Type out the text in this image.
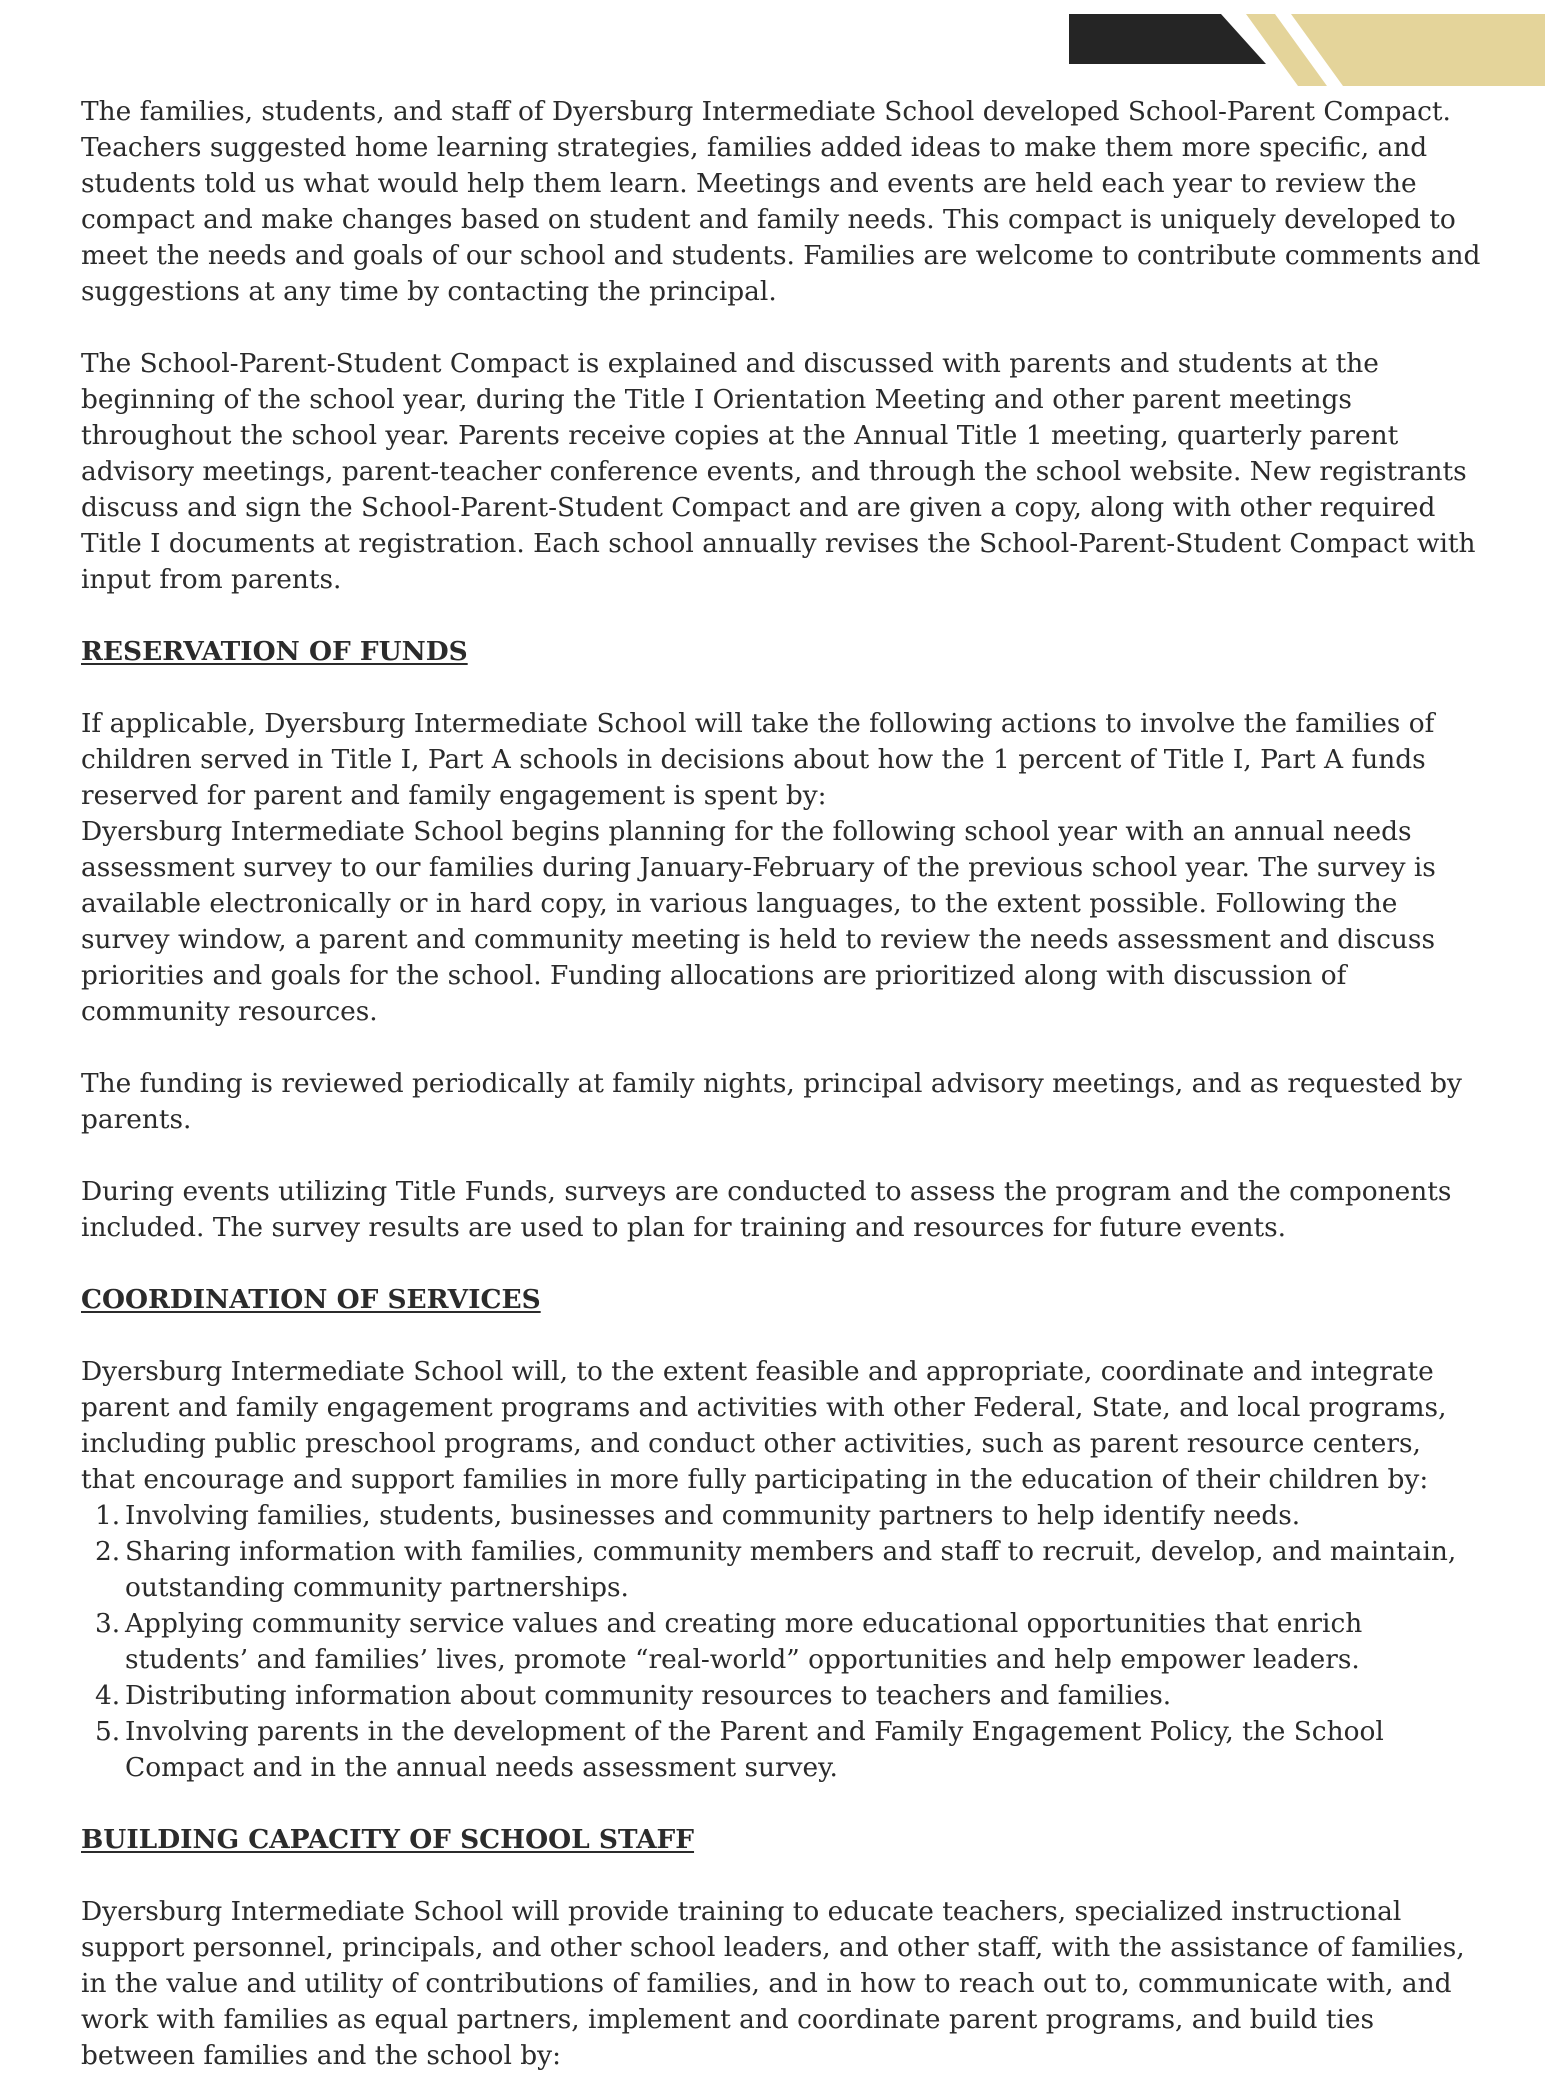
The families, students, and staff of Dyersburg Intermediate School developed School-Parent Compact. Teachers suggested home learning strategies, families added ideas to make them more specific, and students told us what would help them learn. Meetings and events are held each year to review the compact and make changes based on student and family needs. This compact is uniquely developed to meet the needs and goals of our school and students. Families are welcome to contribute comments and suggestions at any time by contacting the principal.

The School-Parent-Student Compact is explained and discussed with parents and students at the beginning of the school year, during the Title I Orientation Meeting and other parent meetings throughout the school year. Parents receive copies at the Annual Title 1 meeting, quarterly parent advisory meetings, parent-teacher conference events, and through the school website. New registrants discuss and sign the School-Parent-Student Compact and are given a copy, along with other required Title I documents at registration. Each school annually revises the School-Parent-Student Compact with input from parents.

RESERVATION OF FUNDS

If applicable, Dyersburg Intermediate School will take the following actions to involve the families of children served in Title I, Part A schools in decisions about how the 1 percent of Title I, Part A funds reserved for parent and family engagement is spent by:

Dyersburg Intermediate School begins planning for the following school year with an annual needs assessment survey to our families during January-February of the previous school year. The survey is available electronically or in hard copy, in various languages, to the extent possible. Following the survey window, a parent and community meeting is held to review the needs assessment and discuss priorities and goals for the school. Funding allocations are prioritized along with discussion of community resources.

The funding is reviewed periodically at family nights, principal advisory meetings, and as requested by parents.

During events utilizing Title Funds, surveys are conducted to assess the program and the components included. The survey results are used to plan for training and resources for future events.

COORDINATION OF SERVICES

Dyersburg Intermediate School will, to the extent feasible and appropriate, coordinate and integrate parent and family engagement programs and activities with other Federal, State, and local programs, including public preschool programs, and conduct other activities, such as parent resource centers, that encourage and support families in more fully participating in the education of their children by:

1. Involving families, students, businesses and community partners to help identify needs.
2. Sharing information with families, community members and staff to recruit, develop, and maintain, outstanding community partnerships.
3. Applying community service values and creating more educational opportunities that enrich students’ and families’ lives, promote “real-world” opportunities and help empower leaders.
4. Distributing information about community resources to teachers and families.
5. Involving parents in the development of the Parent and Family Engagement Policy, the School Compact and in the annual needs assessment survey.

BUILDING CAPACITY OF SCHOOL STAFF

Dyersburg Intermediate School will provide training to educate teachers, specialized instructional support personnel, principals, and other school leaders, and other staff, with the assistance of families, in the value and utility of contributions of families, and in how to reach out to, communicate with, and work with families as equal partners, implement and coordinate parent programs, and build ties between families and the school by:
